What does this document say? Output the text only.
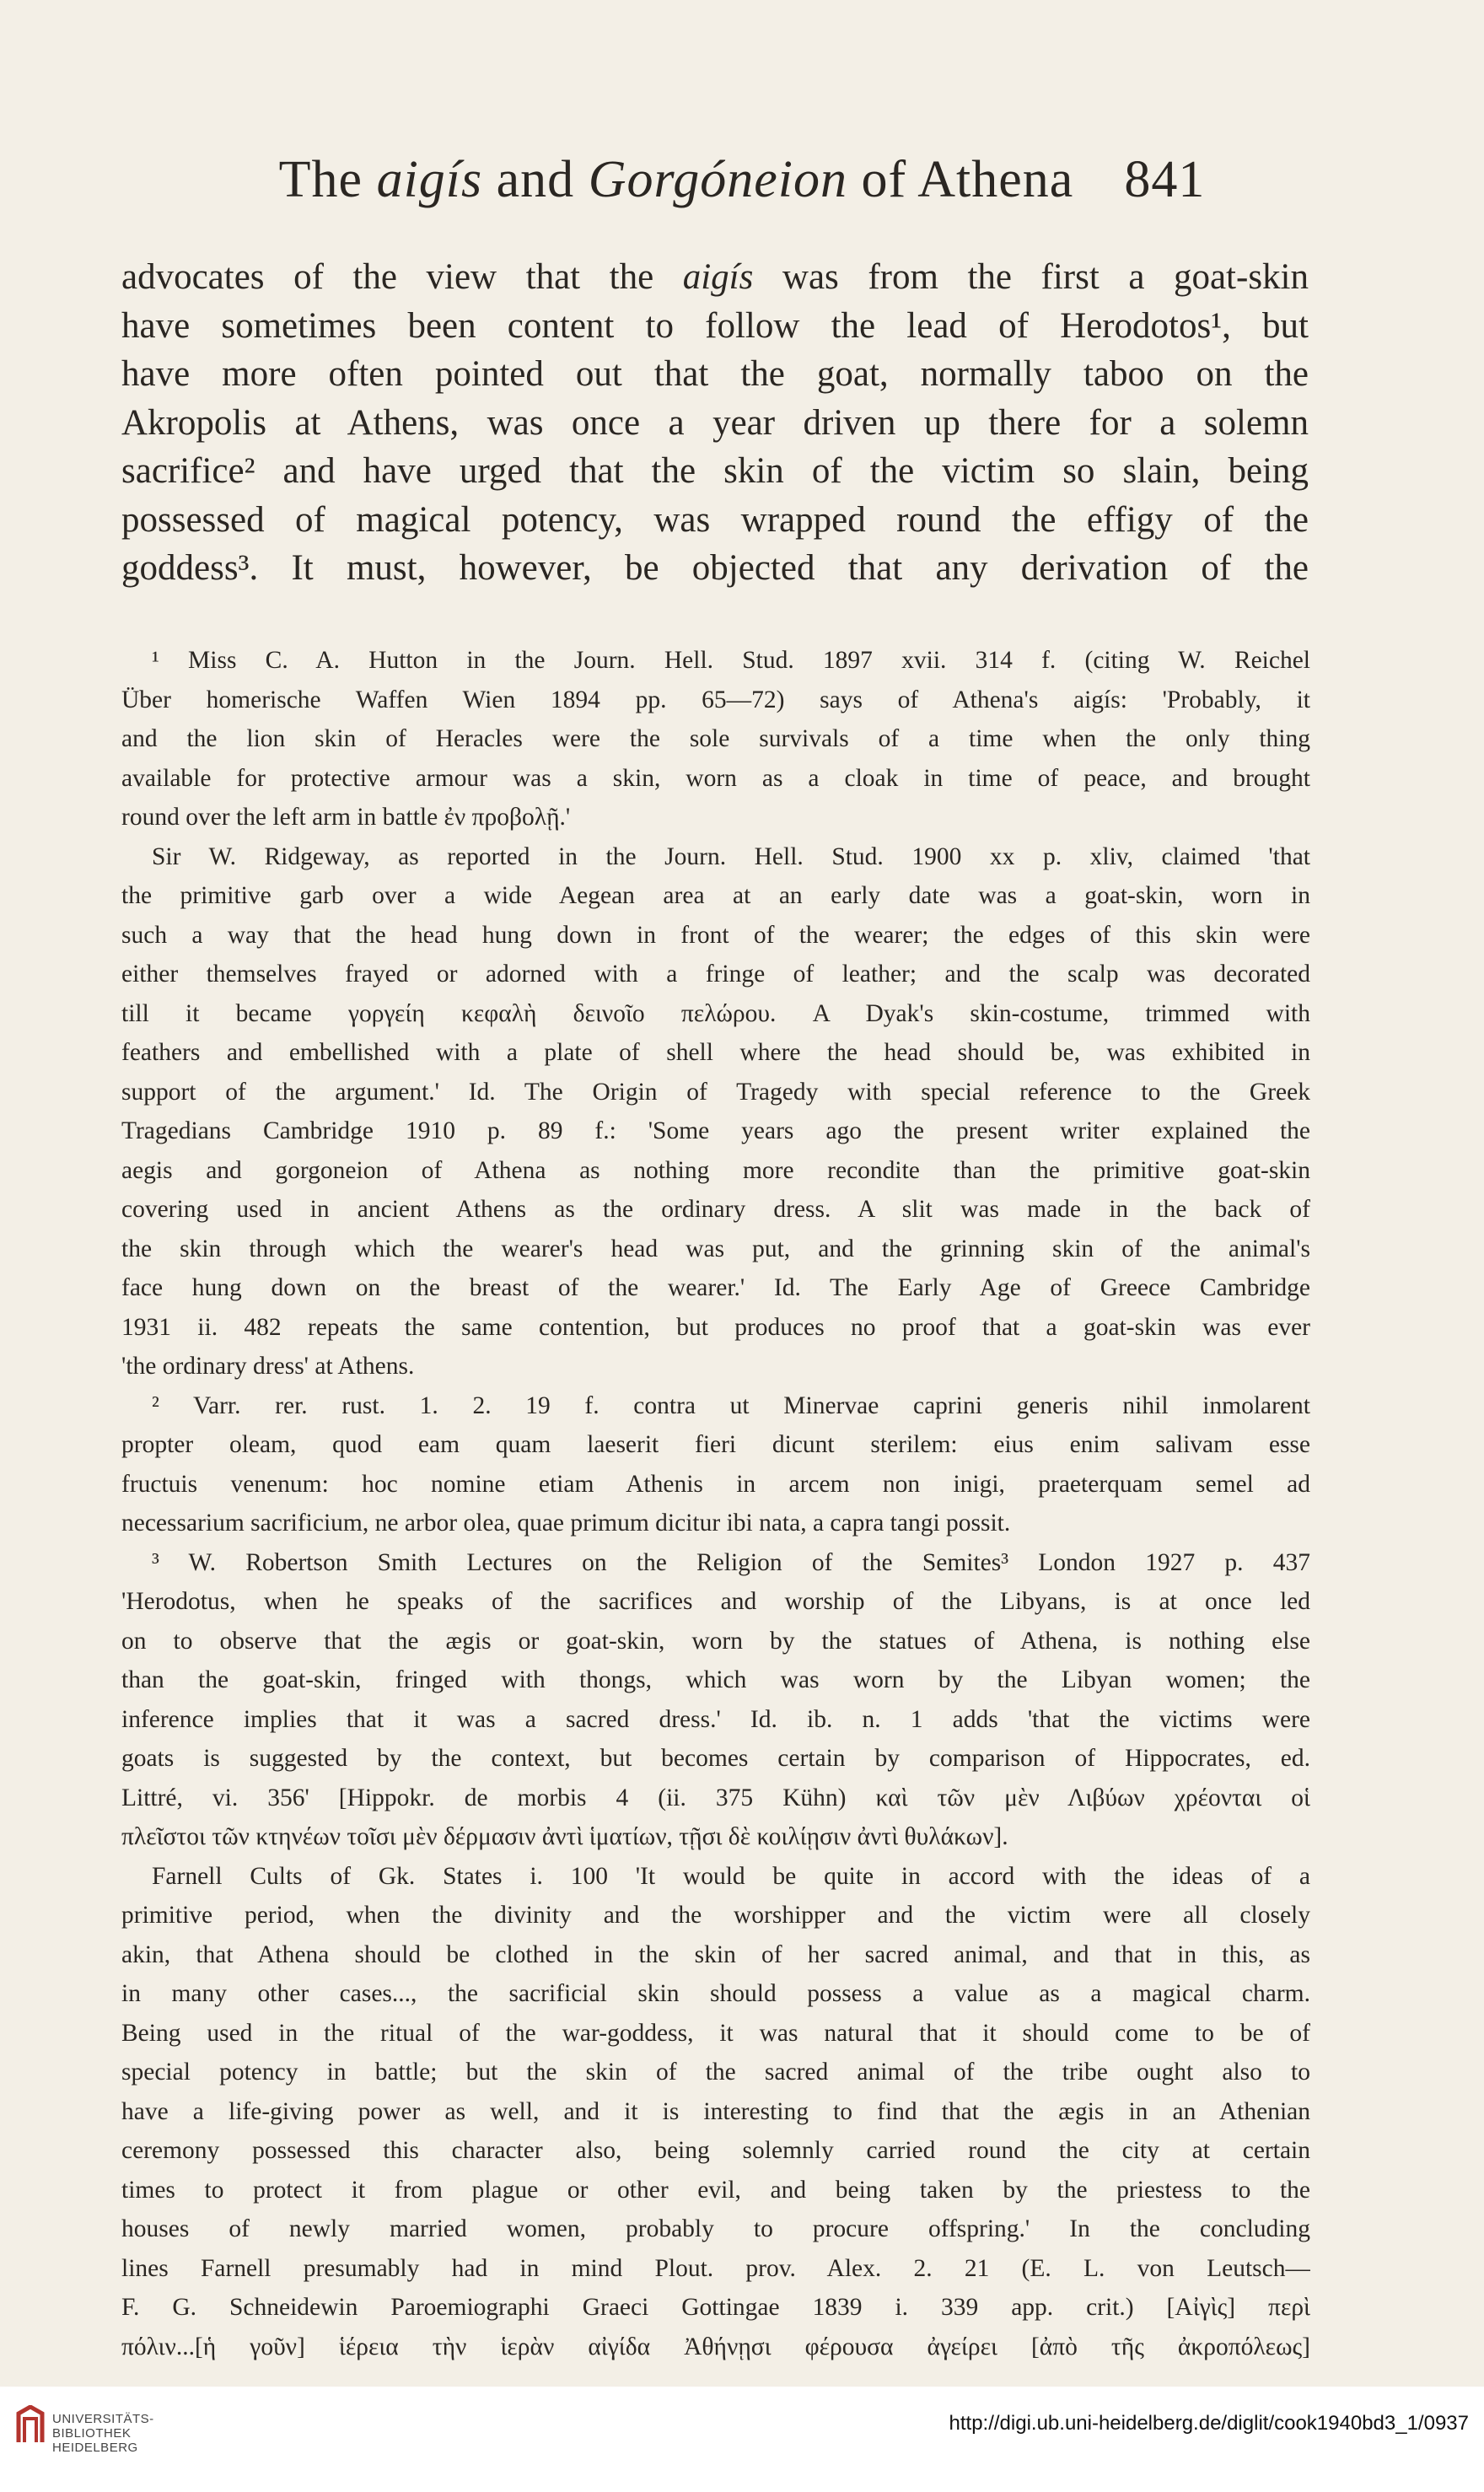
The aigís and Gorgóneion of Athena 841
advocates of the view that the aigís was from the first a goat-skin
have sometimes been content to follow the lead of Herodotos¹, but
have more often pointed out that the goat, normally taboo on the
Akropolis at Athens, was once a year driven up there for a solemn
sacrifice² and have urged that the skin of the victim so slain, being
possessed of magical potency, was wrapped round the effigy of the
goddess³. It must, however, be objected that any derivation of the
¹ Miss C. A. Hutton in the Journ. Hell. Stud. 1897 xvii. 314 f. (citing W. Reichel
Über homerische Waffen Wien 1894 pp. 65—72) says of Athena's aigís: 'Probably, it
and the lion skin of Heracles were the sole survivals of a time when the only thing
available for protective armour was a skin, worn as a cloak in time of peace, and brought
round over the left arm in battle ἐν προβολῇ.'
Sir W. Ridgeway, as reported in the Journ. Hell. Stud. 1900 xx p. xliv, claimed 'that
the primitive garb over a wide Aegean area at an early date was a goat-skin, worn in
such a way that the head hung down in front of the wearer; the edges of this skin were
either themselves frayed or adorned with a fringe of leather; and the scalp was decorated
till it became γοργείη κεφαλὴ δεινοῖο πελώρου. A Dyak's skin-costume, trimmed with
feathers and embellished with a plate of shell where the head should be, was exhibited in
support of the argument.' Id. The Origin of Tragedy with special reference to the Greek
Tragedians Cambridge 1910 p. 89 f.: 'Some years ago the present writer explained the
aegis and gorgoneion of Athena as nothing more recondite than the primitive goat-skin
covering used in ancient Athens as the ordinary dress. A slit was made in the back of
the skin through which the wearer's head was put, and the grinning skin of the animal's
face hung down on the breast of the wearer.' Id. The Early Age of Greece Cambridge
1931 ii. 482 repeats the same contention, but produces no proof that a goat-skin was ever
'the ordinary dress' at Athens.
² Varr. rer. rust. 1. 2. 19 f. contra ut Minervae caprini generis nihil inmolarent
propter oleam, quod eam quam laeserit fieri dicunt sterilem: eius enim salivam esse
fructuis venenum: hoc nomine etiam Athenis in arcem non inigi, praeterquam semel ad
necessarium sacrificium, ne arbor olea, quae primum dicitur ibi nata, a capra tangi possit.
³ W. Robertson Smith Lectures on the Religion of the Semites³ London 1927 p. 437
'Herodotus, when he speaks of the sacrifices and worship of the Libyans, is at once led
on to observe that the ægis or goat-skin, worn by the statues of Athena, is nothing else
than the goat-skin, fringed with thongs, which was worn by the Libyan women; the
inference implies that it was a sacred dress.' Id. ib. n. 1 adds 'that the victims were
goats is suggested by the context, but becomes certain by comparison of Hippocrates, ed.
Littré, vi. 356' [Hippokr. de morbis 4 (ii. 375 Kühn) καὶ τῶν μὲν Λιβύων χρέονται οἱ
πλεῖστοι τῶν κτηνέων τοῖσι μὲν δέρμασιν ἀντὶ ἱματίων, τῇσι δὲ κοιλίῃσιν ἀντὶ θυλάκων].
Farnell Cults of Gk. States i. 100 'It would be quite in accord with the ideas of a
primitive period, when the divinity and the worshipper and the victim were all closely
akin, that Athena should be clothed in the skin of her sacred animal, and that in this, as
in many other cases..., the sacrificial skin should possess a value as a magical charm.
Being used in the ritual of the war-goddess, it was natural that it should come to be of
special potency in battle; but the skin of the sacred animal of the tribe ought also to
have a life-giving power as well, and it is interesting to find that the ægis in an Athenian
ceremony possessed this character also, being solemnly carried round the city at certain
times to protect it from plague or other evil, and being taken by the priestess to the
houses of newly married women, probably to procure offspring.' In the concluding
lines Farnell presumably had in mind Plout. prov. Alex. 2. 21 (E. L. von Leutsch—
F. G. Schneidewin Paroemiographi Graeci Gottingae 1839 i. 339 app. crit.) [Αἰγὶς] περὶ
πόλιν...[ἡ γοῦν] ἱέρεια τὴν ἱερὰν αἰγίδα Ἀθήνῃσι φέρουσα ἀγείρει [ἀπὸ τῆς ἀκροπόλεως]
UNIVERSITÄTS-
BIBLIOTHEK
HEIDELBERG
http://digi.ub.uni-heidelberg.de/diglit/cook1940bd3_1/0937
